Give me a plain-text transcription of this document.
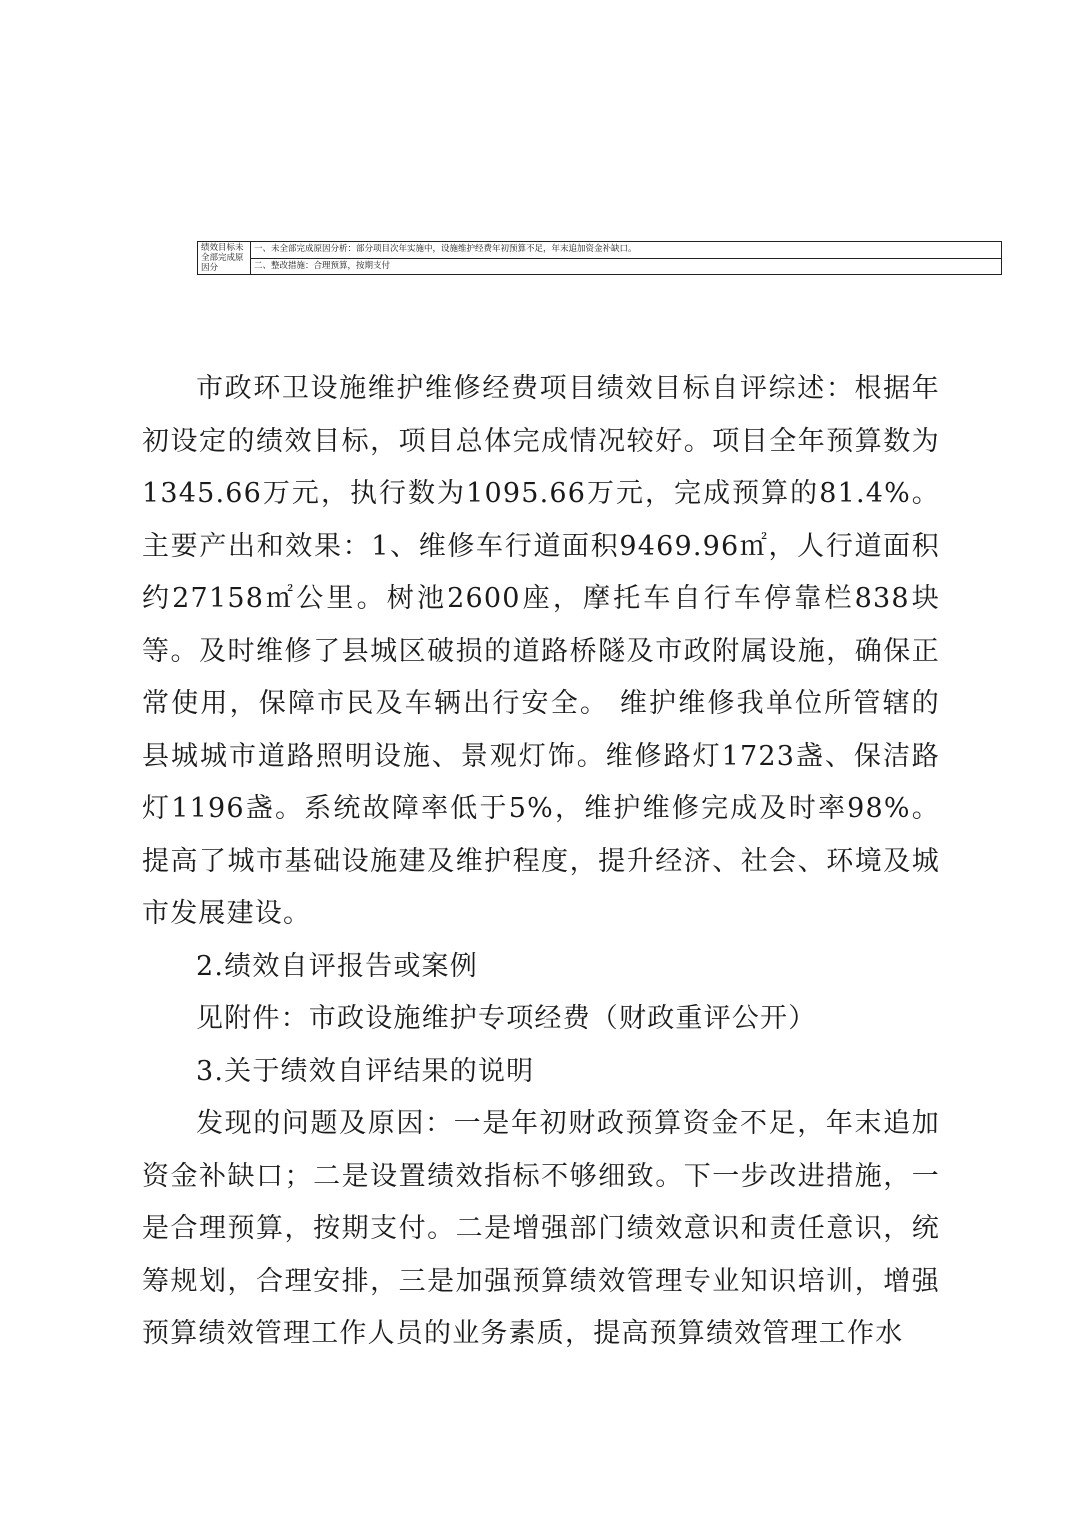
绩效目标未全部完成原因分	一、未全部完成原因分析：部分项目次年实施中，设施维护经费年初预算不足，年末追加资金补缺口。
二、整改措施：合理预算，按期支付

市政环卫设施维护维修经费项目绩效目标自评综述：根据年初设定的绩效目标，项目总体完成情况较好。项目全年预算数为1345.66万元，执行数为1095.66万元，完成预算的81.4%。主要产出和效果：1、维修车行道面积9469.96㎡，人行道面积约27158㎡公里。树池2600座，摩托车自行车停靠栏838块等。及时维修了县城区破损的道路桥隧及市政附属设施，确保正常使用，保障市民及车辆出行安全。 维护维修我单位所管辖的县城城市道路照明设施、景观灯饰。维修路灯1723盏、保洁路灯1196盏。系统故障率低于5%，维护维修完成及时率98%。提高了城市基础设施建及维护程度，提升经济、社会、环境及城市发展建设。

2.绩效自评报告或案例

见附件：市政设施维护专项经费（财政重评公开）

3.关于绩效自评结果的说明

发现的问题及原因：一是年初财政预算资金不足，年末追加资金补缺口；二是设置绩效指标不够细致。下一步改进措施，一是合理预算，按期支付。二是增强部门绩效意识和责任意识，统筹规划，合理安排，三是加强预算绩效管理专业知识培训，增强预算绩效管理工作人员的业务素质，提高预算绩效管理工作水
